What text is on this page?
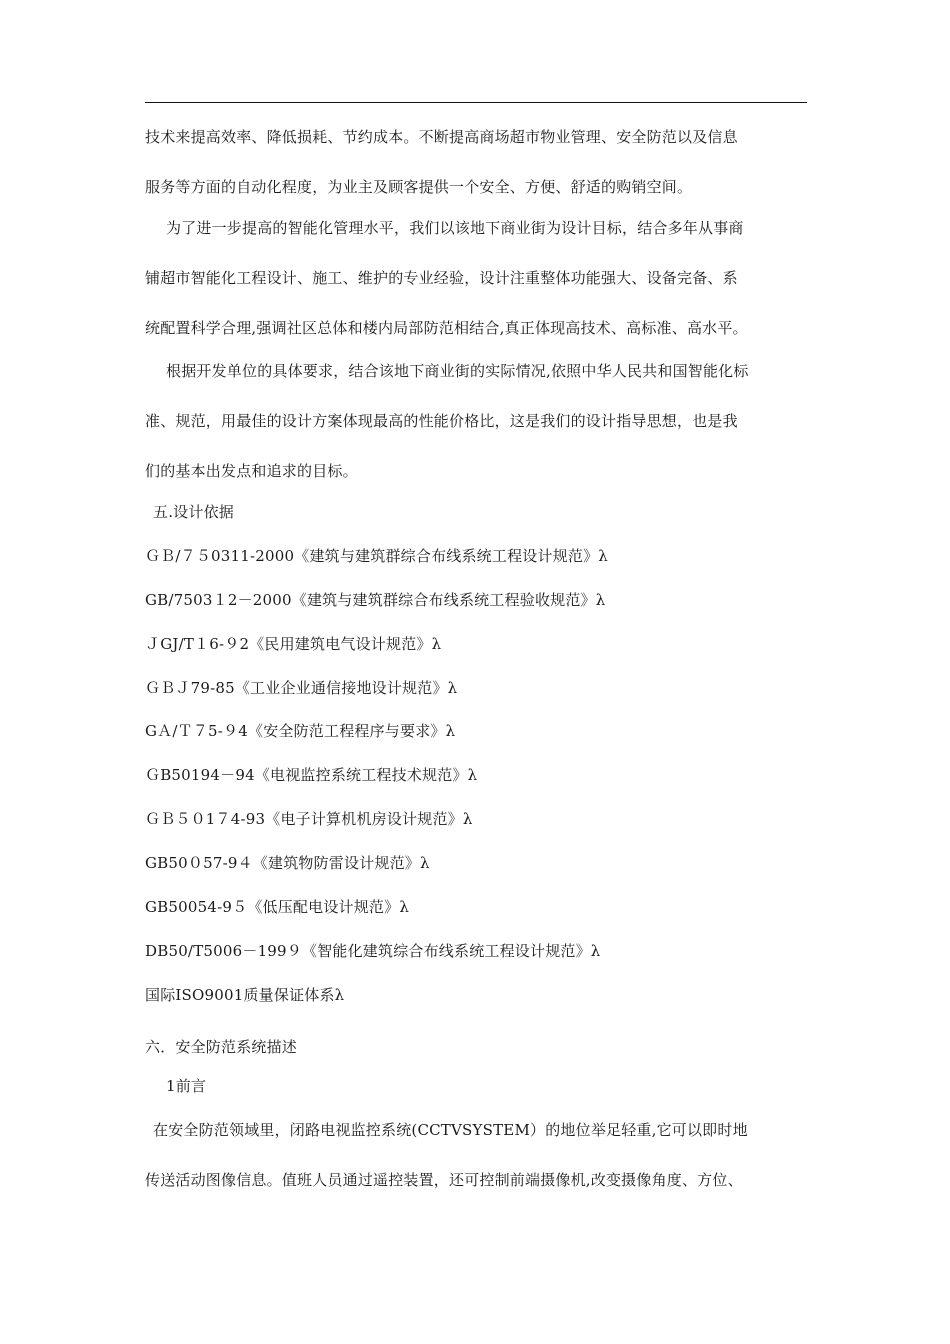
技术来提高效率、降低损耗、节约成本。不断提高商场超市物业管理、安全防范以及信息
服务等方面的自动化程度，为业主及顾客提供一个安全、方便、舒适的购销空间。
为了进一步提高的智能化管理水平，我们以该地下商业街为设计目标，结合多年从事商
铺超市智能化工程设计、施工、维护的专业经验，设计注重整体功能强大、设备完备、系
统配置科学合理,强调社区总体和楼内局部防范相结合,真正体现高技术、高标准、高水平。
根据开发单位的具体要求，结合该地下商业街的实际情况,依照中华人民共和国智能化标
准、规范，用最佳的设计方案体现最高的性能价格比，这是我们的设计指导思想，也是我
们的基本出发点和追求的目标。
五.设计依据
ＧＢ/７５0311-2000《建筑与建筑群综合布线系统工程设计规范》λ
GB/7503１2－2000《建筑与建筑群综合布线系统工程验收规范》λ
ＪGJ/T１6-９2《民用建筑电气设计规范》λ
ＧＢＪ79-85《工业企业通信接地设计规范》λ
GＡ/Ｔ７5-９4《安全防范工程程序与要求》λ
ＧB50194－94《电视监控系统工程技术规范》λ
ＧＢ５０1７4-93《电子计算机机房设计规范》λ
GB50０57-9４《建筑物防雷设计规范》λ
GB50054-9５《低压配电设计规范》λ
DB50/T5006－199９《智能化建筑综合布线系统工程设计规范》λ
国际ISO9001质量保证体系λ
六．安全防范系统描述
1前言
在安全防范领域里，闭路电视监控系统(CCTVSYSTEM）的地位举足轻重,它可以即时地
传送活动图像信息。值班人员通过遥控装置，还可控制前端摄像机,改变摄像角度、方位、
